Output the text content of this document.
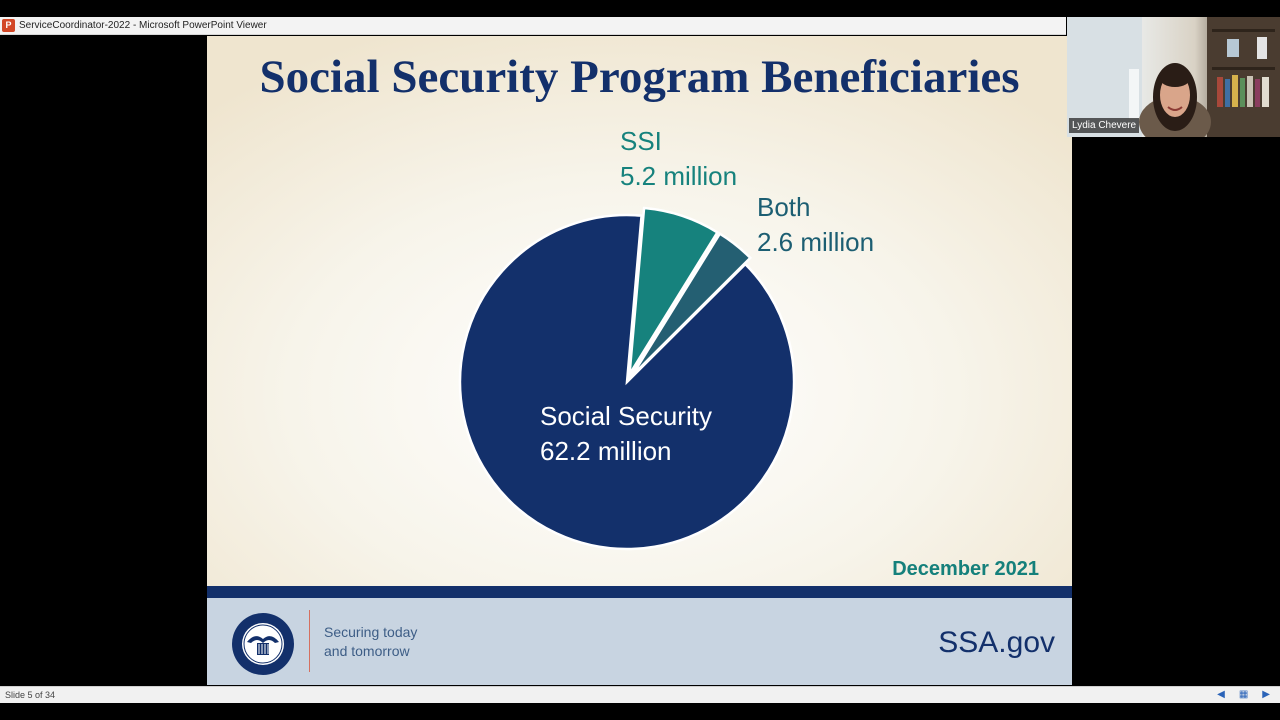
P ServiceCoordinator-2022 - Microsoft PowerPoint Viewer
Social Security Program Beneficiaries
SSI
5.2 million
Both
2.6 million
Social Security
62.2 million
December 2021
Securing today
and tomorrow	SSA.gov
Lydia Chevere
Slide 5 of 34	◀ ▦ ▶
